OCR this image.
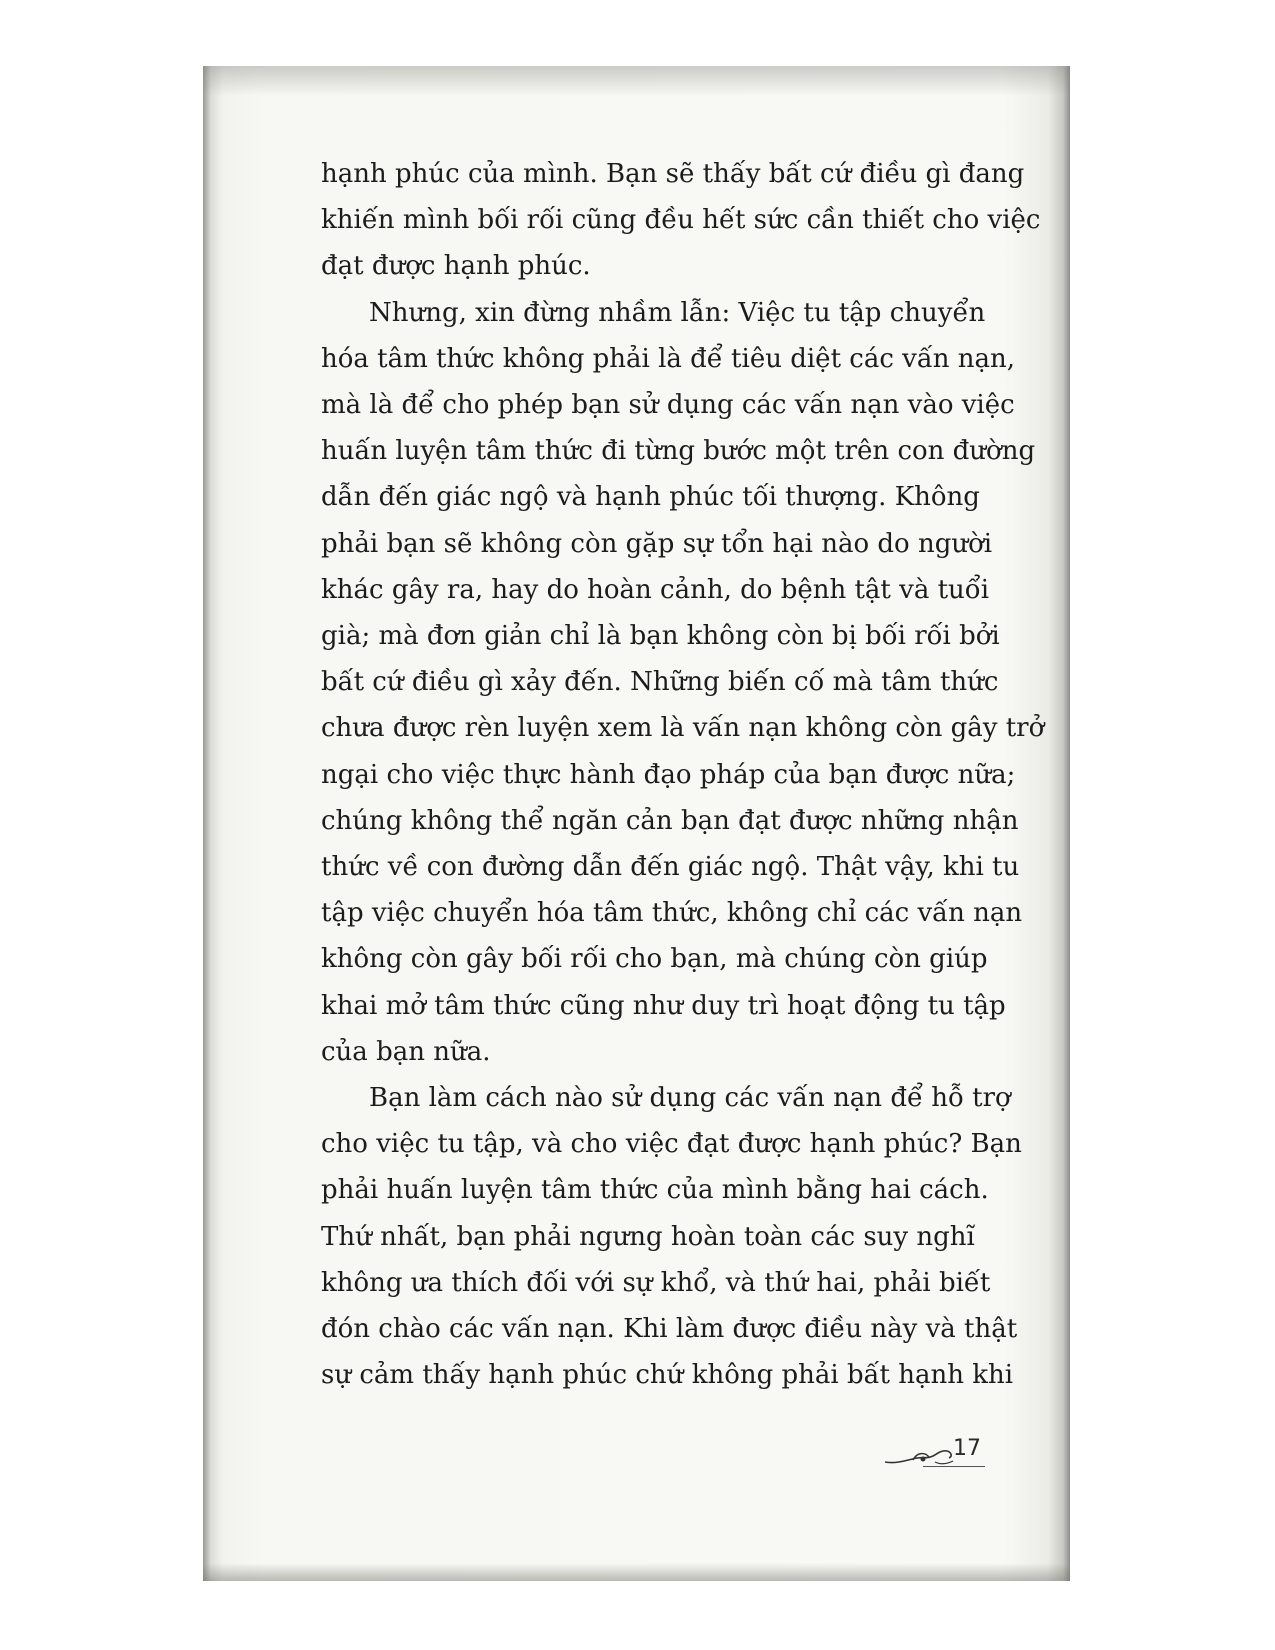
hạnh phúc của mình. Bạn sẽ thấy bất cứ điều gì đang
khiến mình bối rối cũng đều hết sức cần thiết cho việc
đạt được hạnh phúc.

Nhưng, xin đừng nhầm lẫn: Việc tu tập chuyển
hóa tâm thức không phải là để tiêu diệt các vấn nạn,
mà là để cho phép bạn sử dụng các vấn nạn vào việc
huấn luyện tâm thức đi từng bước một trên con đường
dẫn đến giác ngộ và hạnh phúc tối thượng. Không
phải bạn sẽ không còn gặp sự tổn hại nào do người
khác gây ra, hay do hoàn cảnh, do bệnh tật và tuổi
già; mà đơn giản chỉ là bạn không còn bị bối rối bởi
bất cứ điều gì xảy đến. Những biến cố mà tâm thức
chưa được rèn luyện xem là vấn nạn không còn gây trở
ngại cho việc thực hành đạo pháp của bạn được nữa;
chúng không thể ngăn cản bạn đạt được những nhận
thức về con đường dẫn đến giác ngộ. Thật vậy, khi tu
tập việc chuyển hóa tâm thức, không chỉ các vấn nạn
không còn gây bối rối cho bạn, mà chúng còn giúp
khai mở tâm thức cũng như duy trì hoạt động tu tập
của bạn nữa.

Bạn làm cách nào sử dụng các vấn nạn để hỗ trợ
cho việc tu tập, và cho việc đạt được hạnh phúc? Bạn
phải huấn luyện tâm thức của mình bằng hai cách.
Thứ nhất, bạn phải ngưng hoàn toàn các suy nghĩ
không ưa thích đối với sự khổ, và thứ hai, phải biết
đón chào các vấn nạn. Khi làm được điều này và thật
sự cảm thấy hạnh phúc chứ không phải bất hạnh khi

17
